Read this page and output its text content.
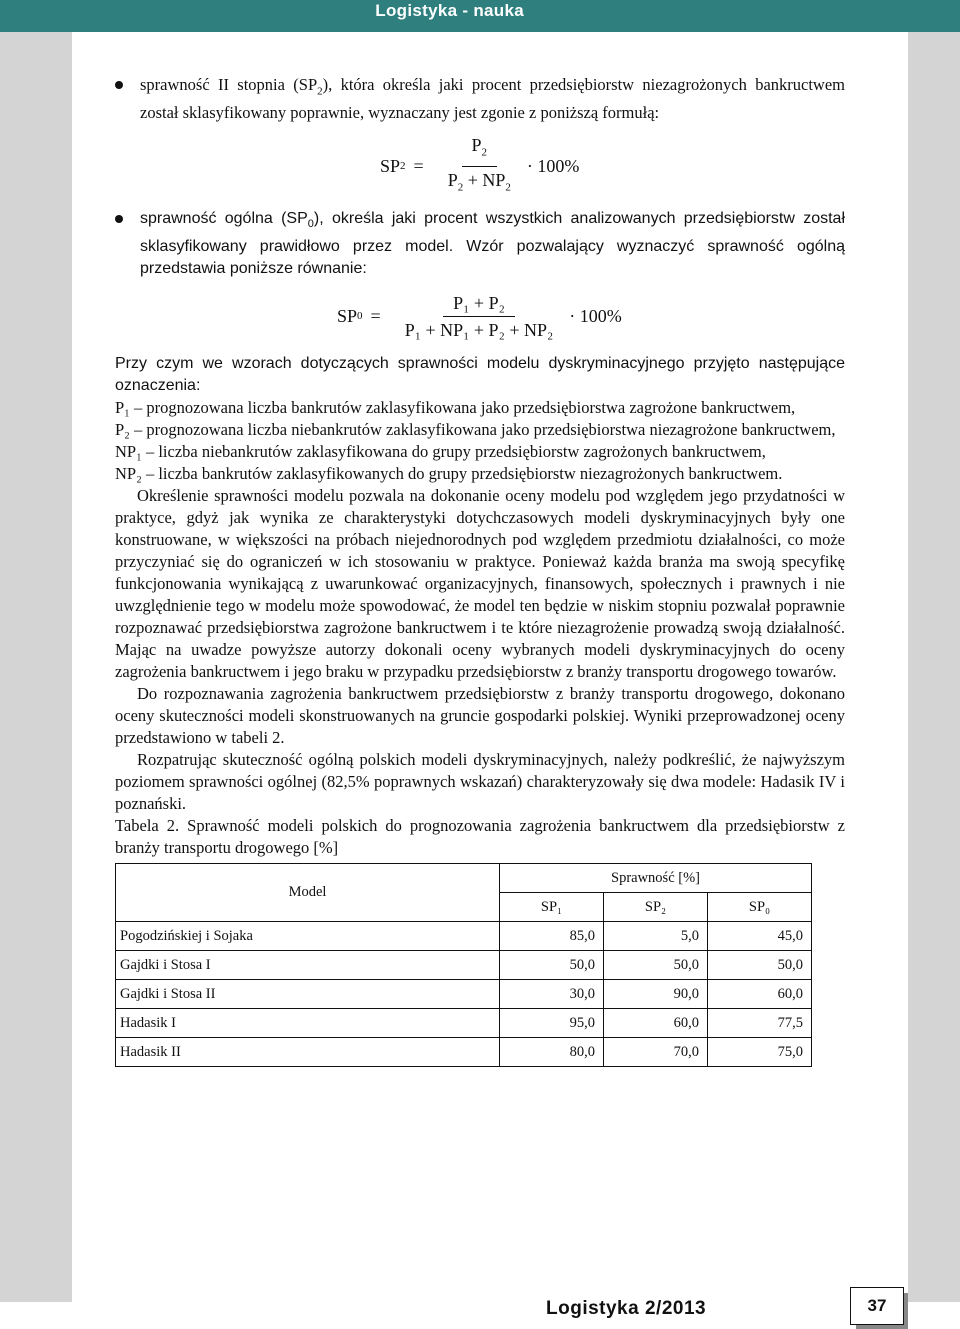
Logistyka - nauka
sprawność II stopnia $(SP_2)$, która określa jaki procent przedsiębiorstw niezagrożonych bankructwem został sklasyfikowany poprawnie, wyznaczany jest zgonie z poniższą formułą:
SP $2 = \frac{P_2}{P_2 + NP_2} \cdot 100\%$
sprawność ogólna $(SP_0)$, określa jaki procent wszystkich analizowanych przedsiębiorstw został sklasyfikowany prawidłowo przez model. Wzór pozwalający wyznaczyć sprawność ogólną przedstawia poniższe równanie:
SP $0 = \frac{\text{P₁ + P₂}}{\text{P₁ + NP₁ + P₂ + NP₂}} \cdot 100\%$

Przy czym we wzorach dotyczących sprawności modelu dyskryminacyjnego przyjęto następujące oznaczenia:

P₁ – prognozowana liczba bankrutów zaklasyfikowana jako przedsiębiorstwa zagrożone bankructwem,

P₂ – prognozowana liczba niebankrutów zaklasyfikowana jako przedsiębiorstwa niezagrożone bankructwem,

NP₁ – liczba niebankrutów zaklasyfikowana do grupy przedsiębiorstw zagrożonych bankructwem,

NP₂ – liczba bankrutów zaklasyfikowanych do grupy przedsiębiorstw niezagrożonych bankructwem.

Określenie sprawności modelu pozwala na dokonanie oceny modelu pod względem jego przydatności w praktyce, gdyż jak wynika ze charakterystyki dotychczasowych modeli dyskryminacyjnych były one konstruowane, w większości na próbach niejednorodnych pod względem przedmiotu działalności, co może przyczyniać się do ograniczeń w ich stosowaniu w praktyce. Ponieważ każda branża ma swoją specyfikę funkcjonowania wynikającą z uwarunkować organizacyjnych, finansowych, społecznych i prawnych i nie uwzględnienie tego w modelu może spowodować, że model ten będzie w niskim stopniu pozwalał poprawnie rozpoznawać przedsiębiorstwa zagrożone bankructwem i te które niezagrożenie prowadzą swoją działalność. Mając na uwadze powyższe autorzy dokonali oceny wybranych modeli dyskryminacyjnych do oceny zagrożenia bankructwem i jego braku w przypadku przedsiębiorstw z branży transportu drogowego towarów.

Do rozpoznawania zagrożenia bankructwem przedsiębiorstw z branży transportu drogowego, dokonano oceny skuteczności modeli skonstruowanych na gruncie gospodarki polskiej. Wyniki przeprowadzonej oceny przedstawiono w tabeli 2.

Rozpatrując skuteczność ogólną polskich modeli dyskryminacyjnych, należy podkreślić, że najwyższym poziomem sprawności ogólnej (82,5% poprawnych wskazań) charakteryzowały się dwa modele: Hadasik IV i poznański.

Tabela 2. Sprawność modeli polskich do prognozowania zagrożenia bankructwem dla przedsiębiorstw z branży transportu drogowego [%]

Model	Sprawność [%]		
	SP₁	SP₂	SP₀
Pogodzińskiej i Sojaka	85,0	5,0	45,0
Gajdki i Stosa I	50,0	50,0	50,0
Gajdki i Stosa II	30,0	90,0	60,0
Hadasik I	95,0	60,0	77,5
Hadasik II	80,0	70,0	75,0
Logistyka 2/2013	37
